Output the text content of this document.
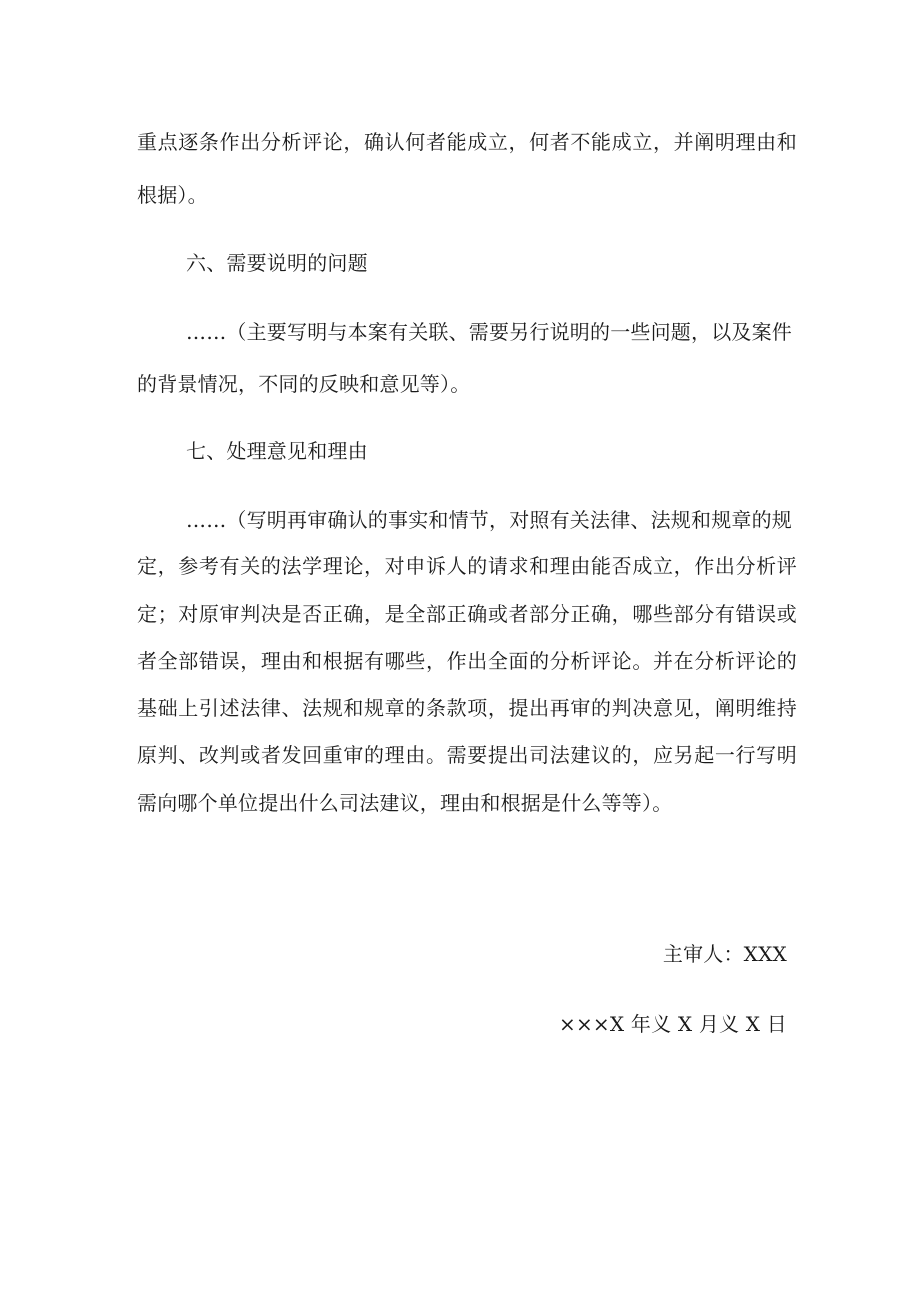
重点逐条作出分析评论，确认何者能成立，何者不能成立，并阐明理由和
根据）。
六、需要说明的问题
……（主要写明与本案有关联、需要另行说明的一些问题，以及案件
的背景情况，不同的反映和意见等）。
七、处理意见和理由
……（写明再审确认的事实和情节，对照有关法律、法规和规章的规
定，参考有关的法学理论，对申诉人的请求和理由能否成立，作出分析评
定；对原审判决是否正确，是全部正确或者部分正确，哪些部分有错误或
者全部错误，理由和根据有哪些，作出全面的分析评论。并在分析评论的
基础上引述法律、法规和规章的条款项，提出再审的判决意见，阐明维持
原判、改判或者发回重审的理由。需要提出司法建议的，应另起一行写明
需向哪个单位提出什么司法建议，理由和根据是什么等等）。
主审人：XXX
×××X 年义 X 月义 X 日
